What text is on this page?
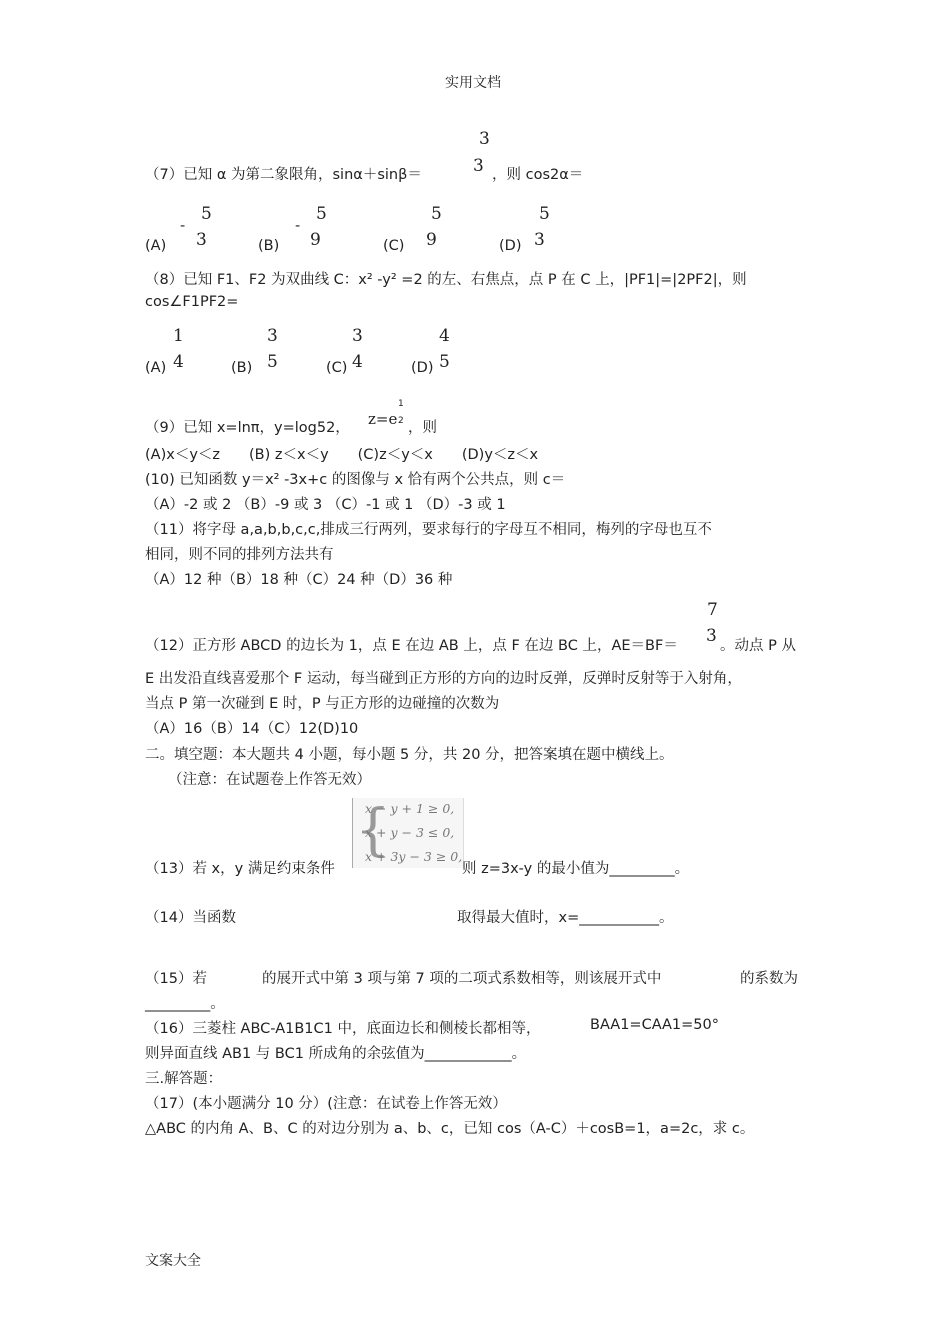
实用文档
3
（7）已知 α 为第二象限角，sinα＋sinβ＝	3 ，则 cos2α＝
5
-
(A) 3
5
-
(B) 9
5
(C) 9
5
(D) 3
（8）已知 F1、F2 为双曲线 C：x² -y² =2 的左、右焦点，点 P 在 C 上，|PF1|=|2PF2|，则
cos∠F1PF2=
1
(A) 4
3
(B) 5
3
(C) 4
4
(D) 5
（9）已知 x=lnπ，y=log52， z=e
1
2 ，则
(A)x＜y＜z　　(B) z＜x＜y　　(C)z＜y＜x　　(D)y＜z＜x
(10) 已知函数 y＝x² -3x+c 的图像与 x 恰有两个公共点，则 c＝
（A）-2 或 2 （B）-9 或 3 （C）-1 或 1 （D）-3 或 1
（11）将字母 a,a,b,b,c,c,排成三行两列，要求每行的字母互不相同，梅列的字母也互不
相同，则不同的排列方法共有
（A）12 种（B）18 种（C）24 种（D）36 种
7
（12）正方形 ABCD 的边长为 1，点 E 在边 AB 上，点 F 在边 BC 上，AE＝BF＝ 3 。动点 P 从
E 出发沿直线喜爱那个 F 运动，每当碰到正方形的方向的边时反弹，反弹时反射等于入射角，
当点 P 第一次碰到 E 时，P 与正方形的边碰撞的次数为
（A）16（B）14（C）12(D)10
二。填空题：本大题共 4 小题，每小题 5 分，共 20 分，把答案填在题中横线上。
（注意：在试题卷上作答无效）
{
x − y + 1 ≥ 0,
x + y − 3 ≤ 0,
x + 3y − 3 ≥ 0,
（13）若 x，y 满足约束条件	则 z=3x-y 的最小值为_________。
（14）当函数	取得最大值时，x=___________。
（15）若	的展开式中第 3 项与第 7 项的二项式系数相等，则该展开式中	的系数为
_________。
（16）三菱柱 ABC-A1B1C1 中，底面边长和侧棱长都相等，	BAA1=CAA1=50°
则异面直线 AB1 与 BC1 所成角的余弦值为____________。
三.解答题：
（17）(本小题满分 10 分）(注意：在试卷上作答无效）
△ABC 的内角 A、B、C 的对边分别为 a、b、c，已知 cos（A-C）＋cosB=1，a=2c，求 c。
文案大全
